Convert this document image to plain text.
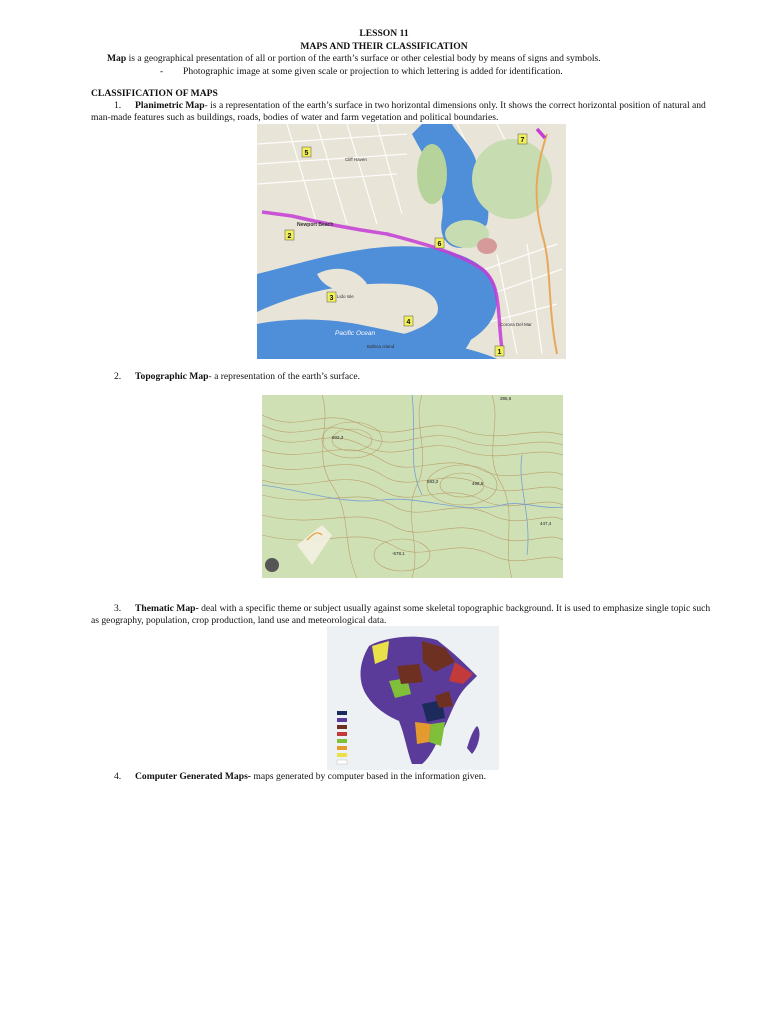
LESSON 11
MAPS AND THEIR CLASSIFICATION
Map is a geographical presentation of all or portion of the earth’s surface or other celestial body by means of signs and symbols.
- Photographic image at some given scale or projection to which lettering is added for identification.
CLASSIFICATION OF MAPS
1. Planimetric Map- is a representation of the earth’s surface in two horizontal dimensions only. It shows the correct horizontal position of natural and
man-made features such as buildings, roads, bodies of water and farm vegetation and political boundaries.
Newport Beach
Pacific Ocean
Balboa Island
Lido Isle
Corona Del Mar
Cliff Haven
1
2
3
4
5
6
7
2. Topographic Map- a representation of the earth’s surface.
602,3
593,2	498,6
447,4
-578,1
395,6
3. Thematic Map- deal with a specific theme or subject usually against some skeletal topographic background. It is used to emphasize single topic such
as geography, population, crop production, land use and meteorological data.
4. Computer Generated Maps- maps generated by computer based in the information given.
